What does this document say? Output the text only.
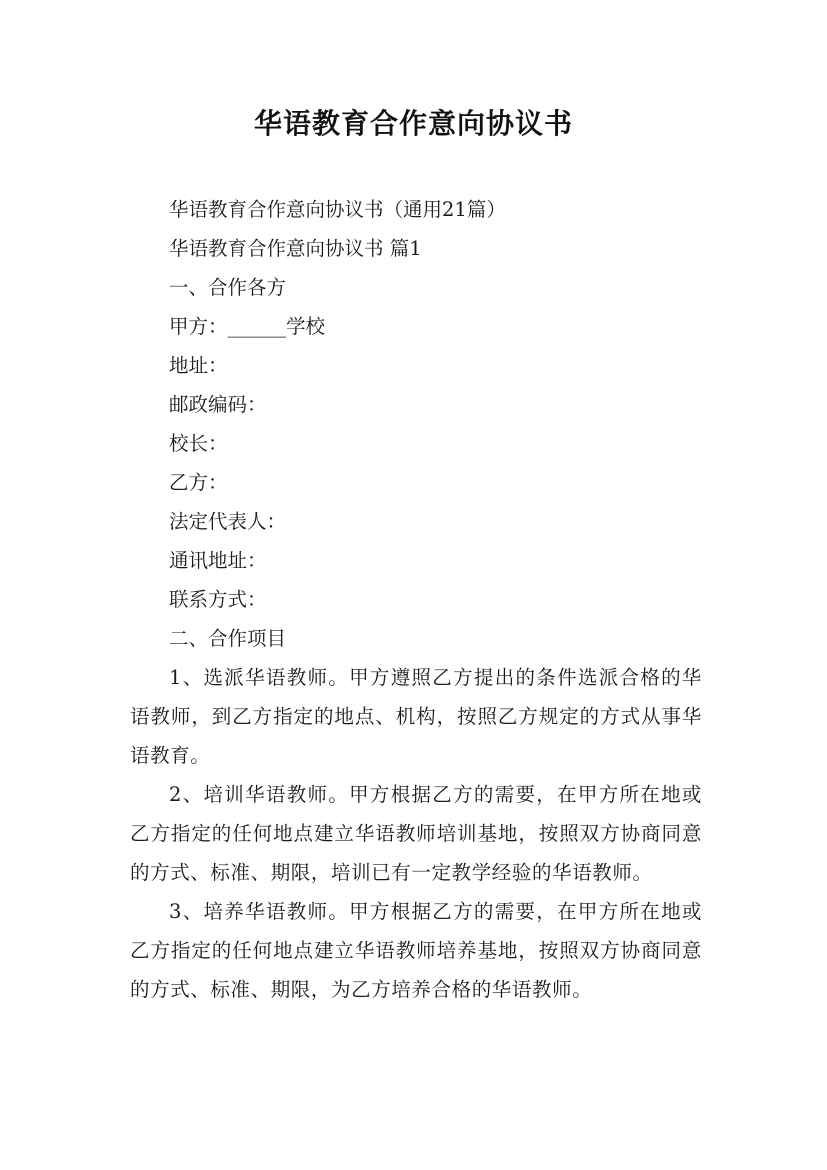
华语教育合作意向协议书

华语教育合作意向协议书（通用21篇）

华语教育合作意向协议书 篇1

一、合作各方

甲方：______学校

地址：

邮政编码：

校长：

乙方：

法定代表人：

通讯地址：

联系方式：

二、合作项目

1、选派华语教师。甲方遵照乙方提出的条件选派合格的华语教师，到乙方指定的地点、机构，按照乙方规定的方式从事华语教育。

2、培训华语教师。甲方根据乙方的需要，在甲方所在地或乙方指定的任何地点建立华语教师培训基地，按照双方协商同意的方式、标准、期限，培训已有一定教学经验的华语教师。

3、培养华语教师。甲方根据乙方的需要，在甲方所在地或乙方指定的任何地点建立华语教师培养基地，按照双方协商同意的方式、标准、期限，为乙方培养合格的华语教师。
